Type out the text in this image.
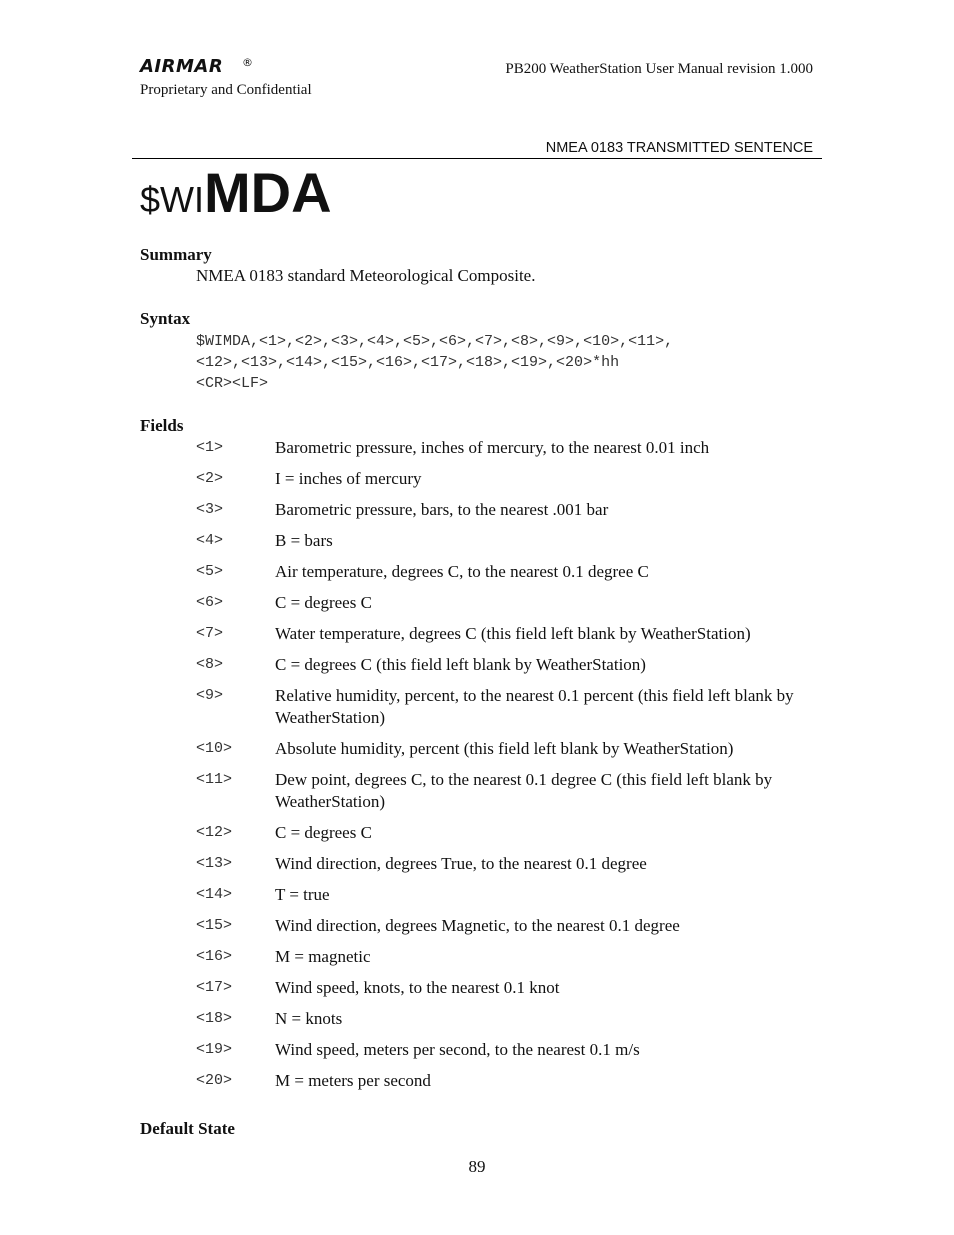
AIRMAR ®
Proprietary and Confidential
PB200 WeatherStation User Manual revision 1.000
NMEA 0183 TRANSMITTED SENTENCE
$WIMDA
Summary
NMEA 0183 standard Meteorological Composite.
Syntax
$WIMDA,<1>,<2>,<3>,<4>,<5>,<6>,<7>,<8>,<9>,<10>,<11>,
<12>,<13>,<14>,<15>,<16>,<17>,<18>,<19>,<20>*hh
<CR><LF>
Fields
<1>	Barometric pressure, inches of mercury, to the nearest 0.01 inch
<2>	I = inches of mercury
<3>	Barometric pressure, bars, to the nearest .001 bar
<4>	B = bars
<5>	Air temperature, degrees C, to the nearest 0.1 degree C
<6>	C = degrees C
<7>	Water temperature, degrees C (this field left blank by WeatherStation)
<8>	C = degrees C (this field left blank by WeatherStation)
<9>	Relative humidity, percent, to the nearest 0.1 percent (this field left blank by WeatherStation)
<10>	Absolute humidity, percent (this field left blank by WeatherStation)
<11>	Dew point, degrees C, to the nearest 0.1 degree C (this field left blank by WeatherStation)
<12>	C = degrees C
<13>	Wind direction, degrees True, to the nearest 0.1 degree
<14>	T = true
<15>	Wind direction, degrees Magnetic, to the nearest 0.1 degree
<16>	M = magnetic
<17>	Wind speed, knots, to the nearest 0.1 knot
<18>	N = knots
<19>	Wind speed, meters per second, to the nearest 0.1 m/s
<20>	M = meters per second
Default State
89
